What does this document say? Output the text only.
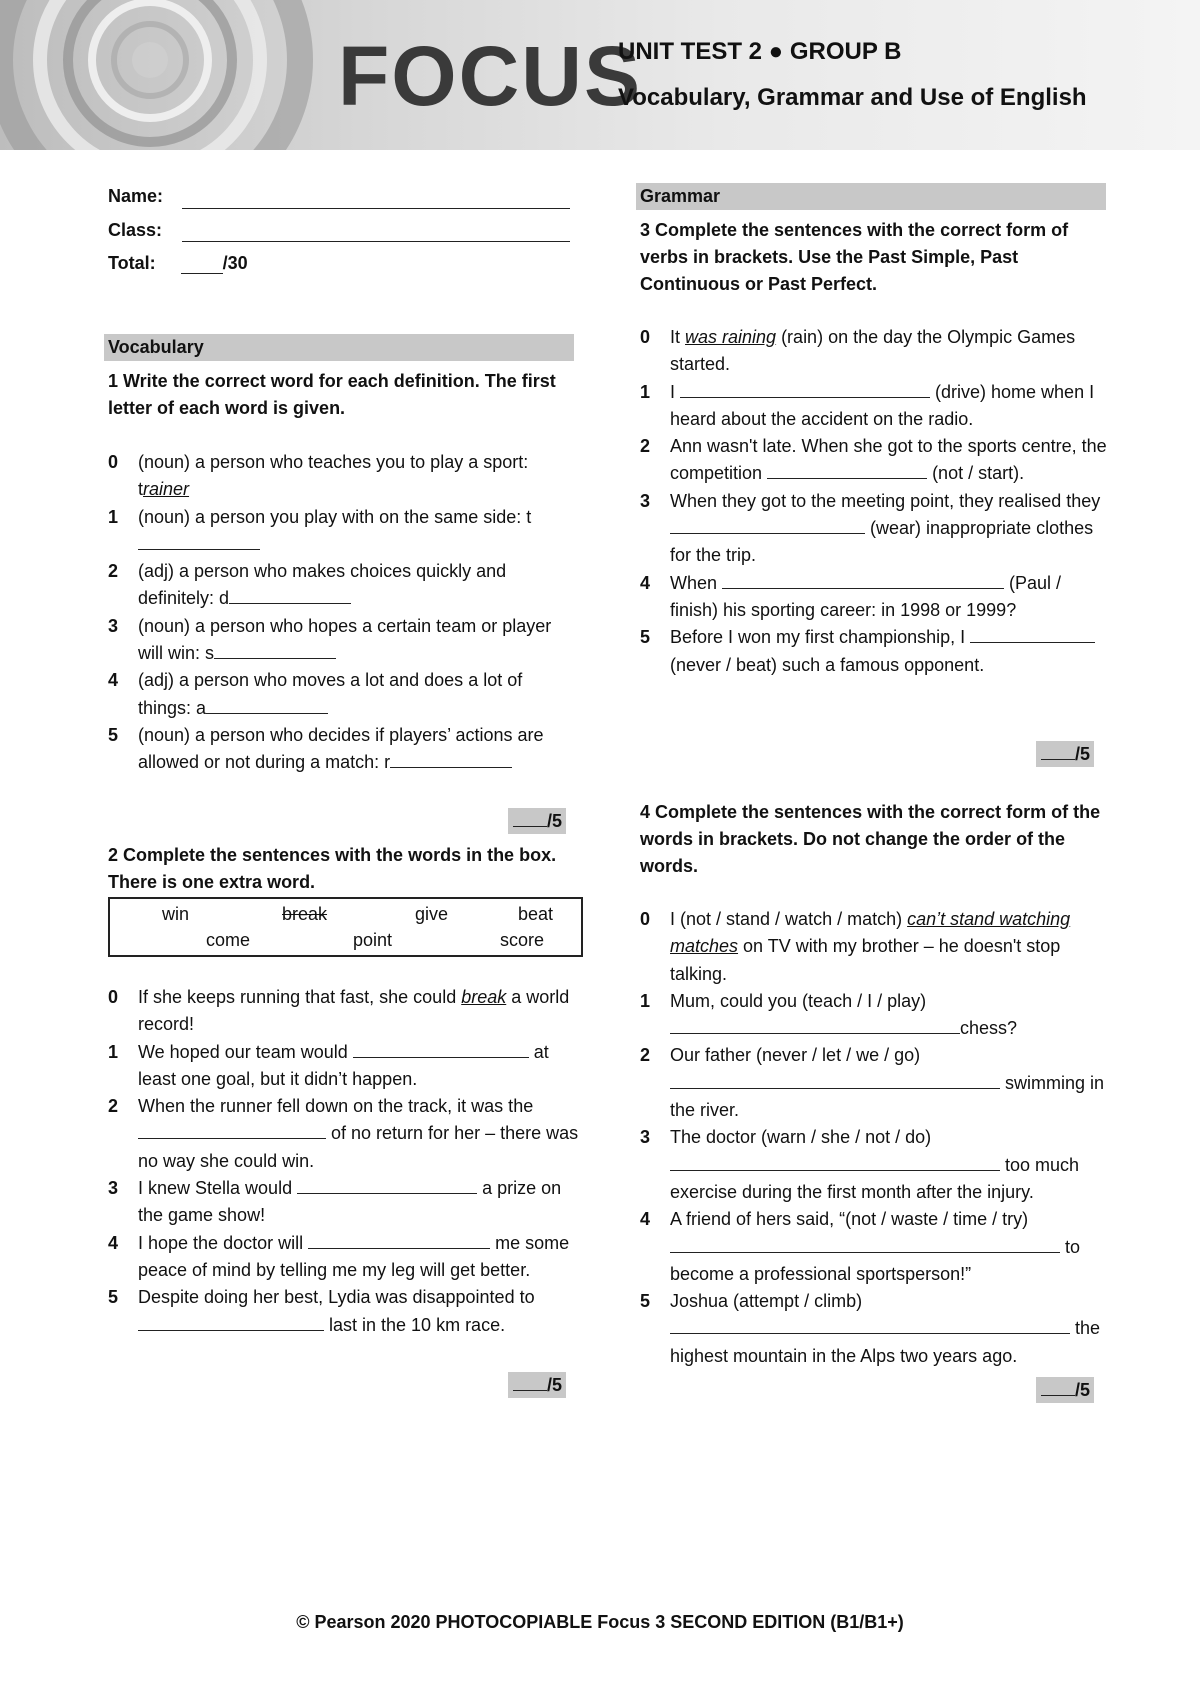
FOCUS
UNIT TEST 2 ● GROUP B
Vocabulary, Grammar and Use of English
Name:
Class:
Total:	/30
Vocabulary
1 Write the correct word for each definition. The first letter of each word is given.
0 (noun) a person who teaches you to play a sport: trainer
1 (noun) a person you play with on the same side: t
2 (adj) a person who makes choices quickly and definitely: d
3 (noun) a person who hopes a certain team or player will win: s
4 (adj) a person who moves a lot and does a lot of things: a
5 (noun) a person who decides if players’ actions are allowed or not during a match: r
/5
2 Complete the sentences with the words in the box. There is one extra word.
win	break	give	beat
come	point	score
0 If she keeps running that fast, she could break a world record!
1 We hoped our team would	at least one goal, but it didn’t happen.
2 When the runner fell down on the track, it was the  of no return for her – there was no way she could win.
3 I knew Stella would	a prize on the game show!
4 I hope the doctor will	me some peace of mind by telling me my leg will get better.
5 Despite doing her best, Lydia was disappointed to  last in the 10 km race.
/5
Grammar
3 Complete the sentences with the correct form of verbs in brackets. Use the Past Simple, Past Continuous or Past Perfect.
0 It was raining (rain) on the day the Olympic Games started.
1 I	(drive) home when I heard about the accident on the radio.
2 Ann wasn't late. When she got to the sports centre, the competition	(not / start).
3 When they got to the meeting point, they realised they  (wear) inappropriate clothes for the trip.
4 When	(Paul / finish) his sporting career: in 1998 or 1999?
5 Before I won my first championship, I  (never / beat) such a famous opponent.
/5
4 Complete the sentences with the correct form of the words in brackets. Do not change the order of the words.
0 I (not / stand / watch / match) can’t stand watching matches on TV with my brother – he doesn't stop talking.
1 Mum, could you (teach / I / play) chess?
2 Our father (never / let / we / go)  swimming in the river.
3 The doctor (warn / she / not / do)  too much exercise during the first month after the injury.
4 A friend of hers said, “(not / waste / time / try)  to become a professional sportsperson!”
5 Joshua (attempt / climb)  the highest mountain in the Alps two years ago.
/5
© Pearson 2020 PHOTOCOPIABLE Focus 3 SECOND EDITION (B1/B1+)
